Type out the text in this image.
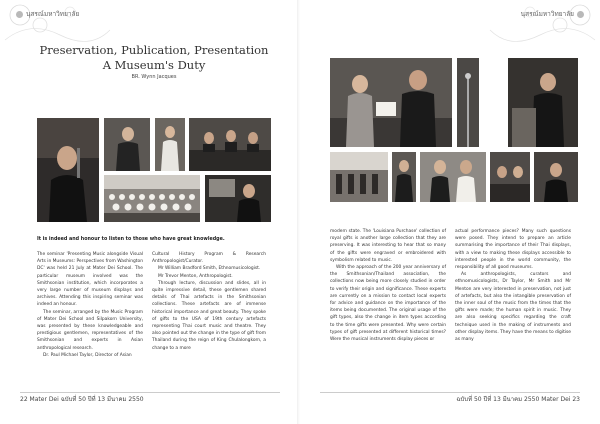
นุสรณ์มหาวิทยาลัย
Preservation, Publication, Presentation
A Museum's Duty
BR. Wynn Jacques
It is indeed and honour to listen to those who have great knowledge.

The seminar 'Presenting Music alongside Visual Arts in Museums: Perspectives from Washington DC' was held 21 July at Mater Dei School. The particular museum involved was the Smithsonian institution, which incorporates a very large number of museum displays and archives. Attending this inspiring seminar was indeed an honour.

The seminar, arranged by the Music Program of Mater Dei School and Silpakorn University, was presented by these knowledgeable and prestigious gentlemen, representatives of the Smithsonian and experts in Asian anthropological research.

Dr. Paul Michael Taylor, Director of Asian

Cultural History Program & Research Anthropologist/Curator.

Mr William Bradford Smith, Ethnomusicologist.

Mr Trevor Menton, Anthropologist.

Through lecture, discussion and slides, all in quite impressive detail, these gentlemen shared details of Thai artefacts in the Smithsonian collections. These artefacts are of immense historical importance and great beauty. They spoke of gifts to the USA of 19th century artefacts representing Thai court music and theatre. They also pointed out the change in the type of gift from Thailand during the reign of King Chulalongkorn, a change to a more

22 Mater Dei ฉบับที่ 50 ปีที่ 13 มีนาคม 2550
นุสรณ์มหาวิทยาลัย

modern state. The 'Louisiana Purchase' collection of royal gifts is another large collection that they are preserving. It was interesting to hear that so many of the gifts were engraved or embroidered with symbolism related to music.

With the approach of the 200 year anniversary of the Smithsonian/Thailand association, the collections now being more closely studied in order to verify their origin and significance. These experts are currently on a mission to contact local experts for advice and guidance on the importance of the items being documented. The original usage of the gift types, also the change in item types according to the time gifts were presented. Why were certain types of gift presented at different historical times? Were the musical instruments display pieces or

actual performance pieces? Many such questions were posed. They intend to prepare an article summarising the importance of their Thai displays, with a view to making these displays accessible to interested people in the world community, the responsibility of all good museums.

As anthropologists, curators and ethnomusicologists, Dr Taylor, Mr Smith and Mr Menton are very interested in preservation, not just of artefacts, but also the intangible preservation of the inner soul of the music from the times that the gifts were made; the human spirit in music. They are also seeking specifics regarding the craft technique used in the making of instruments and other display items. They have the means to digitise as many

ฉบับที่ 50 ปีที่ 13 มีนาคม 2550 Mater Dei 23
